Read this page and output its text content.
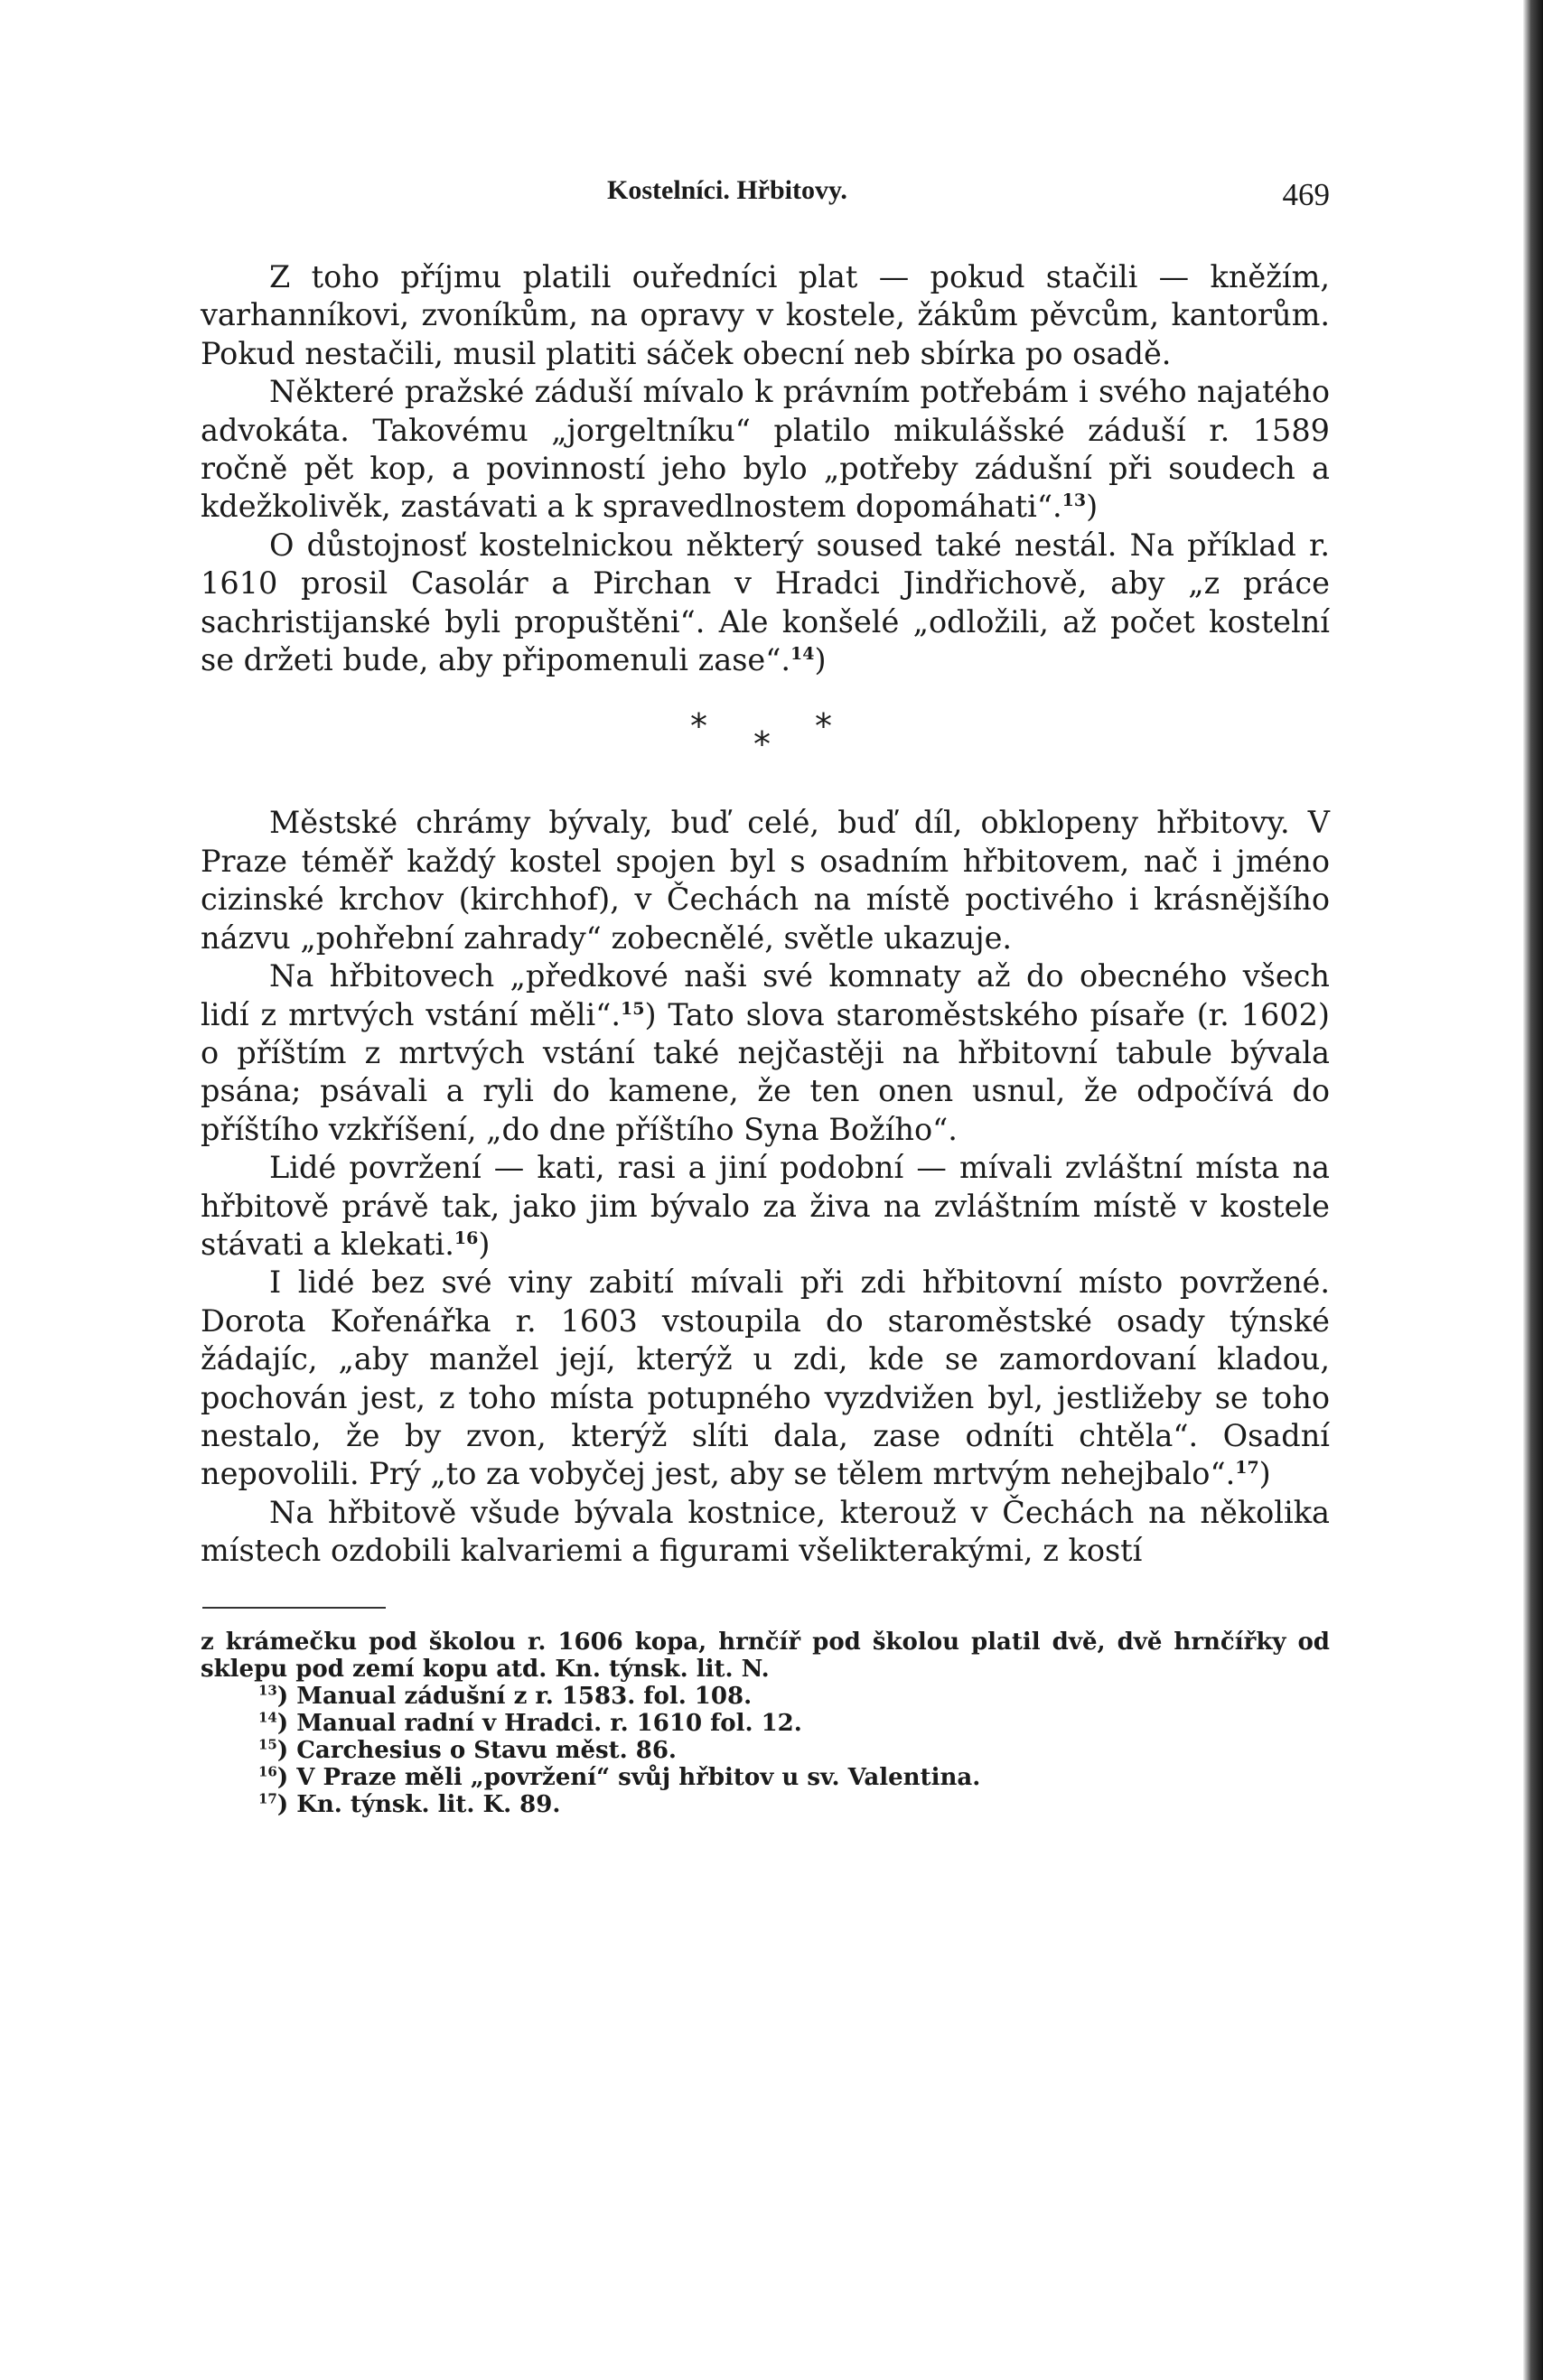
Kostelníci. Hřbitovy.	469

Z toho příjmu platili ouředníci plat — pokud stačili — kněžím, varhanníkovi, zvoníkům, na opravy v kostele, žákům pěvcům, kantorům. Pokud nestačili, musil platiti sáček obecní neb sbírka po osadě.

Některé pražské záduší mívalo k právním potřebám i svého najatého advokáta. Takovému „jorgeltníku“ platilo mikulášské záduší r. 1589 ročně pět kop, a povinností jeho bylo „potřeby zádušní při soudech a kdežkolivěk, zastávati a k spravedlnostem dopomáhati“.$^{13}$)

O důstojnosť kostelnickou některý soused také nestál. Na příklad r. 1610 prosil Casolár a Pirchan v Hradci Jindřichově, aby „z práce sachristijanské byli propuštěni“. Ale konšelé „odložili, až počet kostelní se držeti bude, aby připomenuli zase“.$^{14}$)

* * *

Městské chrámy bývaly, buď celé, buď díl, obklopeny hřbitovy. V Praze téměř každý kostel spojen byl s osadním hřbitovem, nač i jméno cizinské krchov (kirchhof), v Čechách na místě poctivého i krásnějšího názvu „pohřební zahrady“ zobecnělé, světle ukazuje.

Na hřbitovech „předkové naši své komnaty až do obecného všech lidí z mrtvých vstání měli“.$^{15}$) Tato slova staroměstského písaře (r. 1602) o příštím z mrtvých vstání také nejčastěji na hřbitovní tabule bývala psána; psávali a ryli do kamene, že ten onen usnul, že odpočívá do příštího vzkříšení, „do dne příštího Syna Božího“.

Lidé povržení — kati, rasi a jiní podobní — mívali zvláštní místa na hřbitově právě tak, jako jim bývalo za živa na zvláštním místě v kostele stávati a klekati.$^{16}$)

I lidé bez své viny zabití mívali při zdi hřbitovní místo povržené. Dorota Kořenářka r. 1603 vstoupila do staroměstské osady týnské žádajíc, „aby manžel její, kterýž u zdi, kde se zamordovaní kladou, pochován jest, z toho místa potupného vyzdvižen byl, jestližeby se toho nestalo, že by zvon, kterýž slíti dala, zase odníti chtěla“. Osadní nepovolili. Prý „to za vobyčej jest, aby se tělem mrtvým nehejbalo“.$^{17}$)

Na hřbitově všude bývala kostnice, kterouž v Čechách na několika místech ozdobili kalvariemi a figurami všelikterakými, z kostí

z krámečku pod školou r. 1606 kopa, hrnčíř pod školou platil dvě, dvě hrnčířky od sklepu pod zemí kopu atd. Kn. týnsk. lit. N.

$^{13}$) Manual zádušní z r. 1583. fol. 108.

$^{14}$) Manual radní v Hradci. r. 1610 fol. 12.

$^{15}$) Carchesius o Stavu měst. 86.

$^{16}$) V Praze měli „povržení“ svůj hřbitov u sv. Valentina.

$^{17}$) Kn. týnsk. lit. K. 89.
